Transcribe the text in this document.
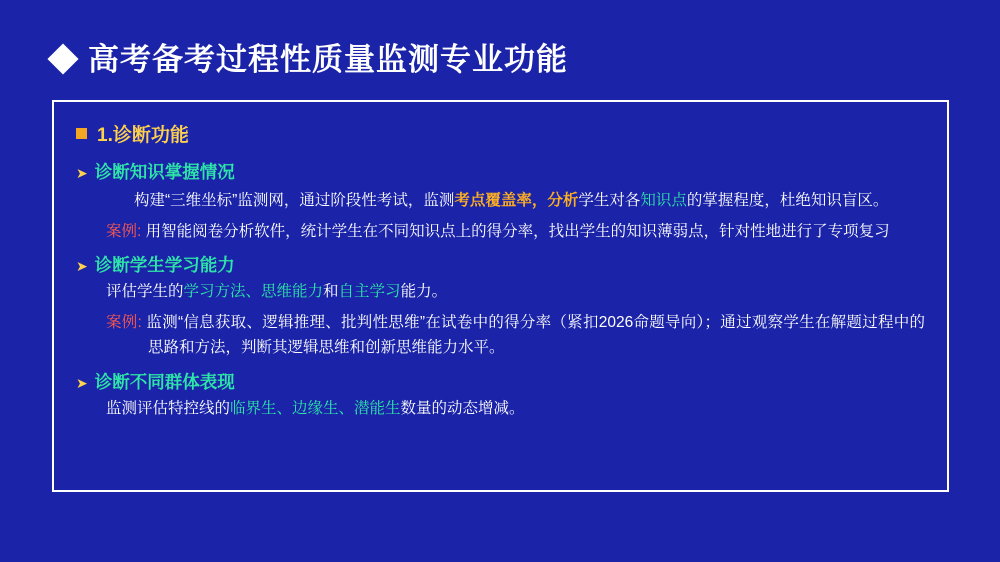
高考备考过程性质量监测专业功能
1.诊断功能
➤ 诊断知识掌握情况

构建“三维坐标”监测网，通过阶段性考试，监测考点覆盖率，分析学生对各知识点的掌握程度，杜绝知识盲区。

案例: 用智能阅卷分析软件，统计学生在不同知识点上的得分率，找出学生的知识薄弱点，针对性地进行了专项复习
➤ 诊断学生学习能力

评估学生的学习方法、思维能力和自主学习能力。

案例: 监测“信息获取、逻辑推理、批判性思维”在试卷中的得分率（紧扣2026命题导向）；通过观察学生在解题过程中的思路和方法，判断其逻辑思维和创新思维能力水平。
➤ 诊断不同群体表现

监测评估特控线的临界生、边缘生、潜能生数量的动态增减。
